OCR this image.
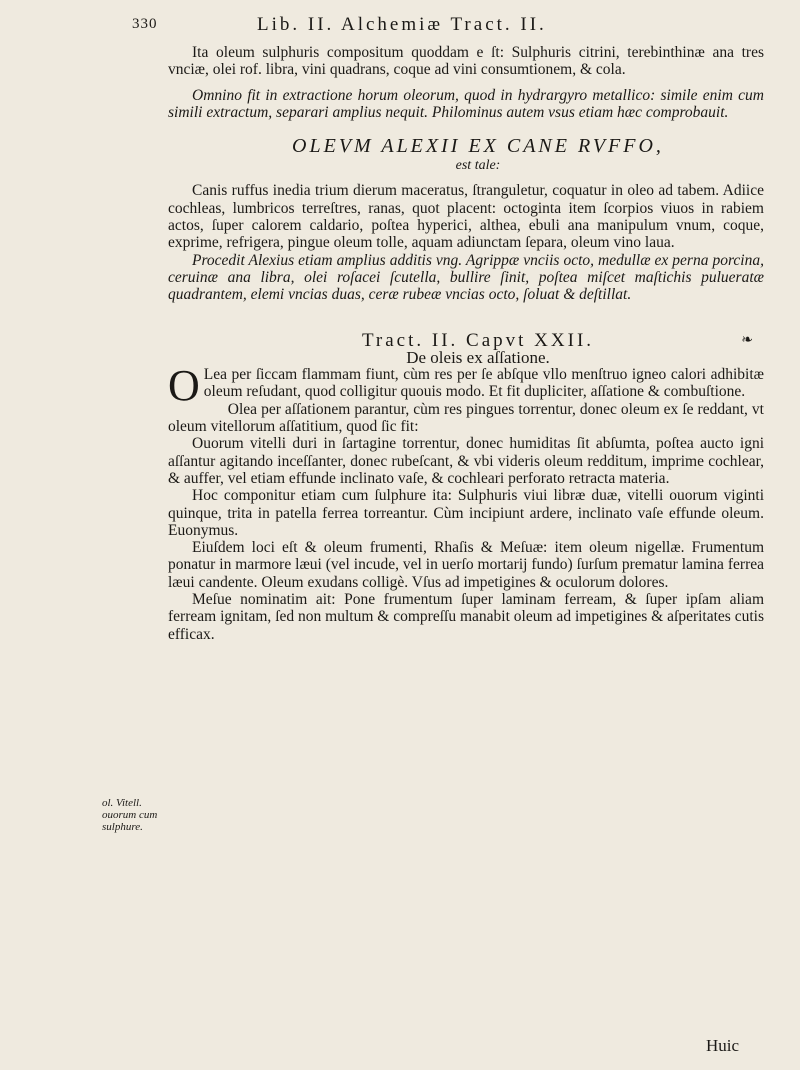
330	Lib. II. Alchemiæ Tract. II.
ol. Vitell. ouorum cum sulphure.

Ita oleum sulphuris compositum quoddam e ſt: Sulphuris citrini, terebinthinæ ana tres vnciæ, olei rof. libra, vini quadrans, coque ad vini consumtionem, & cola.

Omnino fit in extractione horum oleorum, quod in hydrargyro metallico: simile enim cum simili extractum, separari amplius nequit. Philominus autem vsus etiam hæc comprobauit.

OLEVM ALEXII EX CANE RVFFO,

est tale:

Canis ruffus inedia trium dierum maceratus, ſtranguletur, coquatur in oleo ad tabem. Adiice cochleas, lumbricos terreſtres, ranas, quot placent: octoginta item ſcorpios viuos in rabiem actos, ſuper calorem caldario, poſtea hyperici, althea, ebuli ana manipulum vnum, coque, exprime, refrigera, pingue oleum tolle, aquam adiunctam ſepara, oleum vino laua.

Procedit Alexius etiam amplius additis vng. Agrippæ vnciis octo, medullæ ex perna porcina, ceruinæ ana libra, olei roſacei ſcutella, bullire ſinit, poſtea miſcet maſtichis pulueratæ quadrantem, elemi vncias duas, ceræ rubeæ vncias octo, ſoluat & deſtillat.

Tract. II. Capvt XXII.	❧

De oleis ex aſſatione.

O Lea per ſiccam flammam fiunt, cùm res per ſe abſque vllo menſtruo igneo calori adhibitæ oleum reſudant, quod colligitur quouis modo. Et fit dupliciter, aſſatione & combuſtione.

Olea per aſſationem parantur, cùm res pingues torrentur, donec oleum ex ſe reddant, vt oleum vitellorum aſſatitium, quod ſic fit:

Ouorum vitelli duri in ſartagine torrentur, donec humiditas ſit abſumta, poſtea aucto igni aſſantur agitando inceſſanter, donec rubeſcant, & vbi videris oleum redditum, imprime cochlear, & auffer, vel etiam effunde inclinato vaſe, & cochleari perforato retracta materia.

Hoc componitur etiam cum ſulphure ita: Sulphuris viui libræ duæ, vitelli ouorum viginti quinque, trita in patella ferrea torreantur. Cùm incipiunt ardere, inclinato vaſe effunde oleum. Euonymus.

Eiuſdem loci eſt & oleum frumenti, Rhaſis & Meſuæ: item oleum nigellæ. Frumentum ponatur in marmore læui (vel incude, vel in uerſo mortarij fundo) ſurſum prematur lamina ferrea læui candente. Oleum exudans colligè. Vſus ad impetigines & oculorum dolores.

Meſue nominatim ait: Pone frumentum ſuper laminam ferream, & ſuper ipſam aliam ferream ignitam, ſed non multum & compreſſu manabit oleum ad impetigines & aſperitates cutis efficax.

Huic
